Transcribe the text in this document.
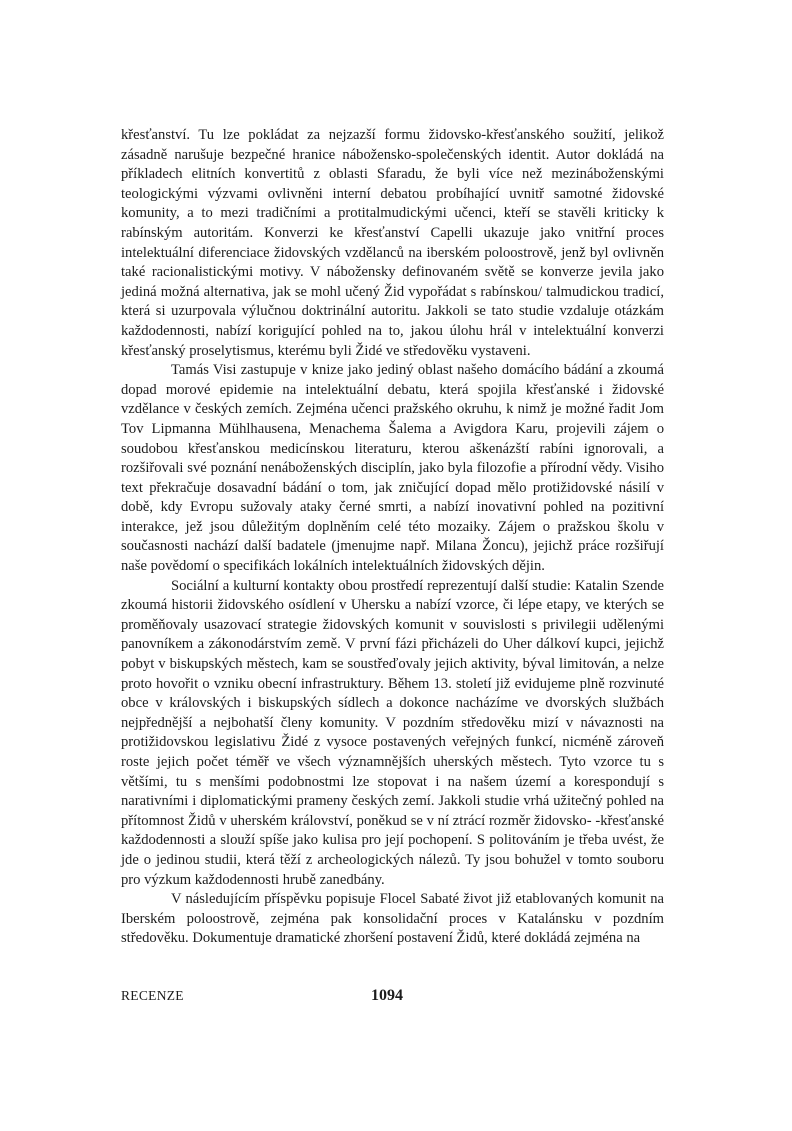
křesťanství. Tu lze pokládat za nejzazší formu židovsko-křesťanského soužití, jelikož zásadně narušuje bezpečné hranice nábožensko-společenských identit. Autor dokládá na příkladech elitních konvertitů z oblasti Sfaradu, že byli více než mezináboženskými teologickými výzvami ovlivněni interní debatou probíhající uvnitř samotné židovské komunity, a to mezi tradičními a protitalmudickými učenci, kteří se stavěli kriticky k rabínským autoritám. Konverzi ke křesťanství Capelli ukazuje jako vnitřní proces intelektuální diferenciace židovských vzdělanců na iberském poloostrově, jenž byl ovlivněn také racionalistickými motivy. V nábožensky definovaném světě se konverze jevila jako jediná možná alternativa, jak se mohl učený Žid vypořádat s rabínskou/ talmudickou tradicí, která si uzurpovala výlučnou doktrinální autoritu. Jakkoli se tato studie vzdaluje otázkám každodennosti, nabízí korigující pohled na to, jakou úlohu hrál v intelektuální konverzi křesťanský proselytismus, kterému byli Židé ve středověku vystaveni.

Tamás Visi zastupuje v knize jako jediný oblast našeho domácího bádání a zkoumá dopad morové epidemie na intelektuální debatu, která spojila křesťanské i židovské vzdělance v českých zemích. Zejména učenci pražského okruhu, k nimž je možné řadit Jom Tov Lipmanna Mühlhausena, Menachema Šalema a Avigdora Karu, projevili zájem o soudobou křesťanskou medicínskou literaturu, kterou aškenázští rabíni ignorovali, a rozšiřovali své poznání nenáboženských disciplín, jako byla filozofie a přírodní vědy. Visiho text překračuje dosavadní bádání o tom, jak zničující dopad mělo protižidovské násilí v době, kdy Evropu sužovaly ataky černé smrti, a nabízí inovativní pohled na pozitivní interakce, jež jsou důležitým doplněním celé této mozaiky. Zájem o pražskou školu v současnosti nachází další badatele (jmenujme např. Milana Žoncu), jejichž práce rozšiřují naše povědomí o specifikách lokálních intelektuálních židovských dějin.

Sociální a kulturní kontakty obou prostředí reprezentují další studie: Katalin Szende zkoumá historii židovského osídlení v Uhersku a nabízí vzorce, či lépe etapy, ve kterých se proměňovaly usazovací strategie židovských komunit v souvislosti s privilegii udělenými panovníkem a zákonodárstvím země. V první fázi přicházeli do Uher dálkoví kupci, jejichž pobyt v biskupských městech, kam se soustřeďovaly jejich aktivity, býval limitován, a nelze proto hovořit o vzniku obecní infrastruktury. Během 13. století již evidujeme plně rozvinuté obce v královských i biskupských sídlech a dokonce nacházíme ve dvorských službách nejpřednější a nejbohatší členy komunity. V pozdním středověku mizí v návaznosti na protižidovskou legislativu Židé z vysoce postavených veřejných funkcí, nicméně zároveň roste jejich počet téměř ve všech významnějších uherských městech. Tyto vzorce tu s většími, tu s menšími podobnostmi lze stopovat i na našem území a korespondují s narativními i diplomatickými prameny českých zemí. Jakkoli studie vrhá užitečný pohled na přítomnost Židů v uherském království, poněkud se v ní ztrácí rozměr židovsko- -křesťanské každodennosti a slouží spíše jako kulisa pro její pochopení. S politováním je třeba uvést, že jde o jedinou studii, která těží z archeologických nálezů. Ty jsou bohužel v tomto souboru pro výzkum každodennosti hrubě zanedbány.

V následujícím příspěvku popisuje Flocel Sabaté život již etablovaných komunit na Iberském poloostrově, zejména pak konsolidační proces v Katalánsku v pozdním středověku. Dokumentuje dramatické zhoršení postavení Židů, které dokládá zejména na

RECENZE	1094
